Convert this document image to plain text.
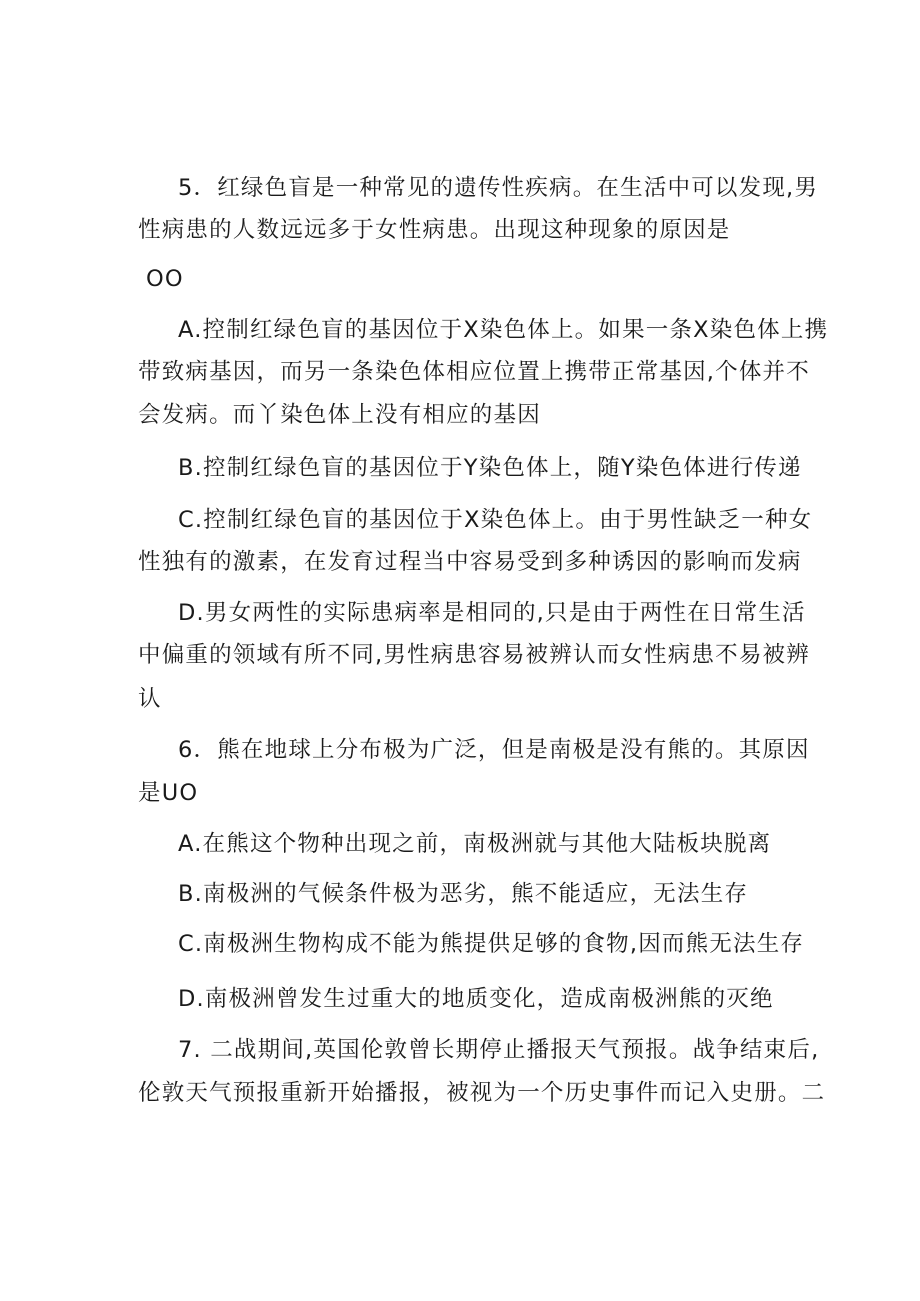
5．红绿色盲是一种常见的遗传性疾病。在生活中可以发现,男
性病患的人数远远多于女性病患。出现这种现象的原因是
OO
A.控制红绿色盲的基因位于X染色体上。如果一条X染色体上携
带致病基因，而另一条染色体相应位置上携带正常基因,个体并不
会发病。而丫染色体上没有相应的基因
B.控制红绿色盲的基因位于Y染色体上，随Y染色体进行传递
C.控制红绿色盲的基因位于X染色体上。由于男性缺乏一种女
性独有的激素，在发育过程当中容易受到多种诱因的影响而发病
D.男女两性的实际患病率是相同的,只是由于两性在日常生活
中偏重的领域有所不同,男性病患容易被辨认而女性病患不易被辨
认
6．熊在地球上分布极为广泛，但是南极是没有熊的。其原因
是UO
A.在熊这个物种出现之前，南极洲就与其他大陆板块脱离
B.南极洲的气候条件极为恶劣，熊不能适应，无法生存
C.南极洲生物构成不能为熊提供足够的食物,因而熊无法生存
D.南极洲曾发生过重大的地质变化，造成南极洲熊的灭绝
7. 二战期间,英国伦敦曾长期停止播报天气预报。战争结束后,
伦敦天气预报重新开始播报，被视为一个历史事件而记入史册。二
